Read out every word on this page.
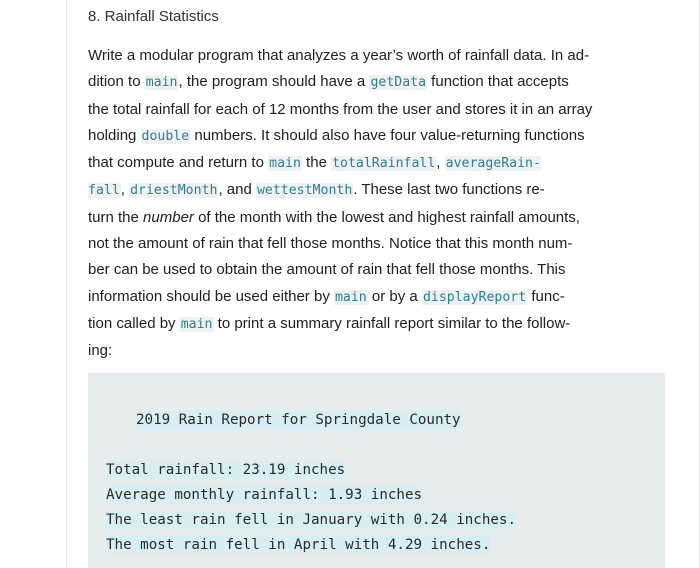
8. Rainfall Statistics
Write a modular program that analyzes a year’s worth of rainfall data. In ad-
dition to main, the program should have a getData function that accepts
the total rainfall for each of 12 months from the user and stores it in an array
holding double numbers. It should also have four value-returning functions
that compute and return to main the totalRainfall, averageRain-
fall, driestMonth, and wettestMonth. These last two functions re-
turn the number of the month with the lowest and highest rainfall amounts,
not the amount of rain that fell those months. Notice that this month num-
ber can be used to obtain the amount of rain that fell those months. This
information should be used either by main or by a displayReport func-
tion called by main to print a summary rainfall report similar to the follow-
ing:
2019 Rain Report for Springdale County
Total rainfall: 23.19 inches
Average monthly rainfall: 1.93 inches
The least rain fell in January with 0.24 inches.
The most rain fell in April with 4.29 inches.
